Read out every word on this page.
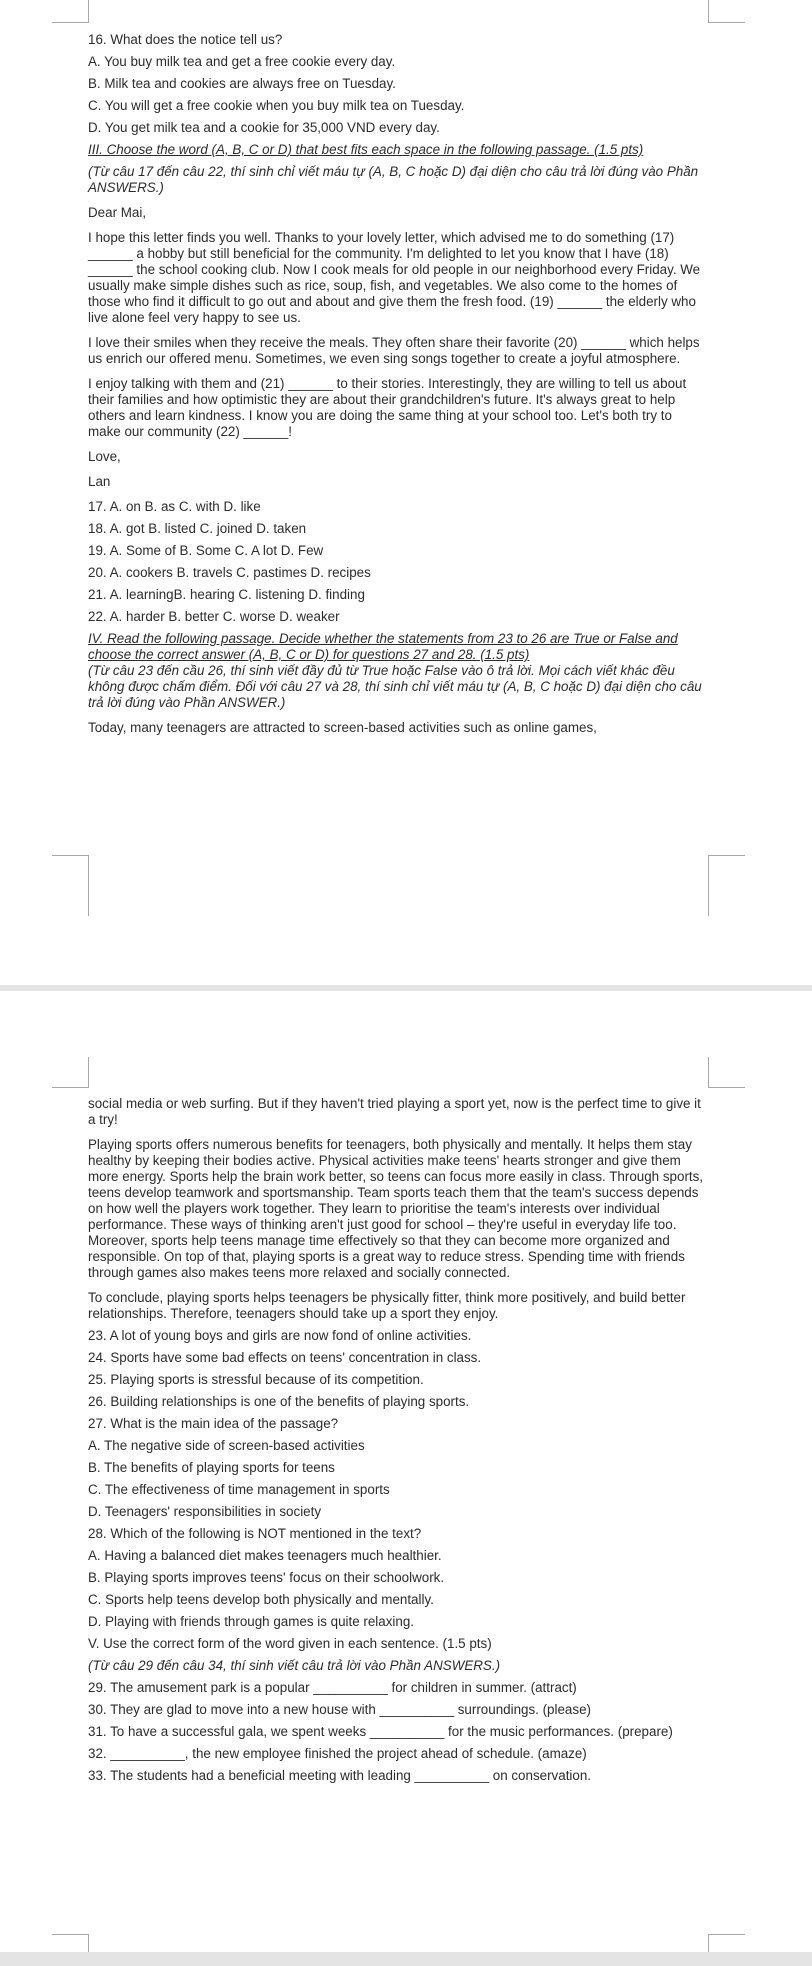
16. What does the notice tell us?

A. You buy milk tea and get a free cookie every day.

B. Milk tea and cookies are always free on Tuesday.

C. You will get a free cookie when you buy milk tea on Tuesday.

D. You get milk tea and a cookie for 35,000 VND every day.

III. Choose the word (A, B, C or D) that best fits each space in the following passage. (1.5 pts)

(Từ câu 17 đến câu 22, thí sinh chỉ viết máu tự (A, B, C hoặc D) đại diện cho câu trả lời đúng vào Phần ANSWERS.)

Dear Mai,

I hope this letter finds you well. Thanks to your lovely letter, which advised me to do something (17) ______ a hobby but still beneficial for the community. I'm delighted to let you know that I have (18) ______ the school cooking club. Now I cook meals for old people in our neighborhood every Friday. We usually make simple dishes such as rice, soup, fish, and vegetables. We also come to the homes of those who find it difficult to go out and about and give them the fresh food. (19) ______ the elderly who live alone feel very happy to see us.

I love their smiles when they receive the meals. They often share their favorite (20) ______ which helps us enrich our offered menu. Sometimes, we even sing songs together to create a joyful atmosphere.

I enjoy talking with them and (21) ______ to their stories. Interestingly, they are willing to tell us about their families and how optimistic they are about their grandchildren's future. It's always great to help others and learn kindness. I know you are doing the same thing at your school too. Let's both try to make our community (22) ______!

Love,

Lan

17. A. on B. as C. with D. like

18. A. got B. listed C. joined D. taken

19. A. Some of B. Some C. A lot D. Few

20. A. cookers B. travels C. pastimes D. recipes

21. A. learningB. hearing C. listening D. finding

22. A. harder B. better C. worse D. weaker

IV. Read the following passage. Decide whether the statements from 23 to 26 are True or False and choose the correct answer (A, B, C or D) for questions 27 and 28. (1.5 pts)

(Từ câu 23 đến cầu 26, thí sinh viết đầy đủ từ True hoặc False vào ô trả lời. Mọi cách viết khác đều không được chấm điểm. Đối với câu 27 và 28, thí sinh chỉ viết máu tự (A, B, C hoặc D) đại diện cho câu trả lời đúng vào Phần ANSWER.)

Today, many teenagers are attracted to screen-based activities such as online games,

social media or web surfing. But if they haven't tried playing a sport yet, now is the perfect time to give it a try!

Playing sports offers numerous benefits for teenagers, both physically and mentally. It helps them stay healthy by keeping their bodies active. Physical activities make teens' hearts stronger and give them more energy. Sports help the brain work better, so teens can focus more easily in class. Through sports, teens develop teamwork and sportsmanship. Team sports teach them that the team's success depends on how well the players work together. They learn to prioritise the team's interests over individual performance. These ways of thinking aren't just good for school – they're useful in everyday life too. Moreover, sports help teens manage time effectively so that they can become more organized and responsible. On top of that, playing sports is a great way to reduce stress. Spending time with friends through games also makes teens more relaxed and socially connected.

To conclude, playing sports helps teenagers be physically fitter, think more positively, and build better relationships. Therefore, teenagers should take up a sport they enjoy.

23. A lot of young boys and girls are now fond of online activities.

24. Sports have some bad effects on teens' concentration in class.

25. Playing sports is stressful because of its competition.

26. Building relationships is one of the benefits of playing sports.

27. What is the main idea of the passage?

A. The negative side of screen-based activities

B. The benefits of playing sports for teens

C. The effectiveness of time management in sports

D. Teenagers' responsibilities in society

28. Which of the following is NOT mentioned in the text?

A. Having a balanced diet makes teenagers much healthier.

B. Playing sports improves teens' focus on their schoolwork.

C. Sports help teens develop both physically and mentally.

D. Playing with friends through games is quite relaxing.

V. Use the correct form of the word given in each sentence. (1.5 pts)

(Từ câu 29 đến câu 34, thí sinh viết câu trả lời vào Phần ANSWERS.)

29. The amusement park is a popular __________ for children in summer. (attract)

30. They are glad to move into a new house with __________ surroundings. (please)

31. To have a successful gala, we spent weeks __________ for the music performances. (prepare)

32. __________, the new employee finished the project ahead of schedule. (amaze)

33. The students had a beneficial meeting with leading __________ on conservation.
